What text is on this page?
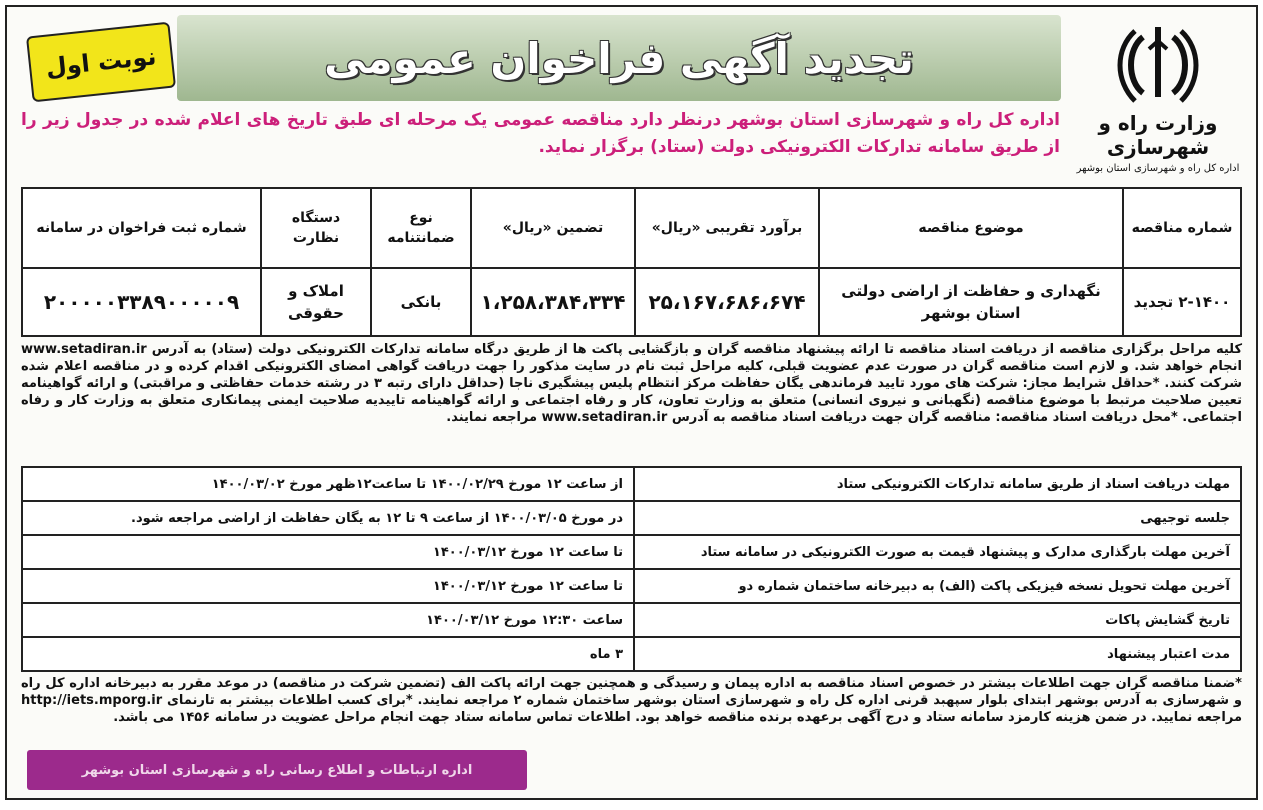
وزارت راه و شهرسازی
اداره کل راه و شهرسازی استان بوشهر
تجدید آگهی فراخوان عمومی
نوبت اول
اداره کل راه و شهرسازی استان بوشهر درنظر دارد مناقصه عمومی یک مرحله ای طبق تاریخ های اعلام شده در جدول زیر را از طریق سامانه تدارکات الکترونیکی دولت (ستاد) برگزار نماید.
شماره مناقصه	موضوع مناقصه	برآورد تقریبی «ریال»	تضمین «ریال»	نوع ضمانتنامه	دستگاه نظارت	شماره ثبت فراخوان در سامانه
۲-۱۴۰۰ تجدید	نگهداری و حفاظت از اراضی دولتی استان بوشهر	۲۵،۱۶۷،۶۸۶،۶۷۴	۱،۲۵۸،۳۸۴،۳۳۴	بانکی	املاک و حقوقی	۲۰۰۰۰۰۳۳۸۹۰۰۰۰۰۹
کلیه مراحل برگزاری مناقصه از دریافت اسناد مناقصه تا ارائه پیشنهاد مناقصه گران و بازگشایی پاکت ها از طریق درگاه سامانه تدارکات الکترونیکی دولت (ستاد) به آدرس www.setadiran.ir انجام خواهد شد. و لازم است مناقصه گران در صورت عدم عضویت قبلی، کلیه مراحل ثبت نام در سایت مذکور را جهت دریافت گواهی امضای الکترونیکی اقدام کرده و در مناقصه اعلام شده شرکت کنند. *حداقل شرایط مجاز: شرکت های مورد تایید فرماندهی یگان حفاظت مرکز انتظام پلیس پیشگیری ناجا (حداقل دارای رتبه ۳ در رشته خدمات حفاظتی و مراقبتی) و ارائه گواهینامه تعیین صلاحیت مرتبط با موضوع مناقصه (نگهبانی و نیروی انسانی) متعلق به وزارت تعاون، کار و رفاه اجتماعی و ارائه گواهینامه تاییدیه صلاحیت ایمنی پیمانکاری متعلق به وزارت کار و رفاه اجتماعی. *محل دریافت اسناد مناقصه: مناقصه گران جهت دریافت اسناد مناقصه به آدرس www.setadiran.ir مراجعه نمایند.
مهلت دریافت اسناد از طریق سامانه تدارکات الکترونیکی ستاد	از ساعت ۱۲ مورخ ۱۴۰۰/۰۲/۲۹ تا ساعت۱۲ظهر مورخ ۱۴۰۰/۰۳/۰۲
جلسه توجیهی	در مورخ ۱۴۰۰/۰۳/۰۵ از ساعت ۹ تا ۱۲ به یگان حفاظت از اراضی مراجعه شود.
آخرین مهلت بارگذاری مدارک و پیشنهاد قیمت به صورت الکترونیکی در سامانه ستاد	تا ساعت ۱۲ مورخ ۱۴۰۰/۰۳/۱۲
آخرین مهلت تحویل نسخه فیزیکی پاکت (الف) به دبیرخانه ساختمان شماره دو	تا ساعت ۱۲ مورخ ۱۴۰۰/۰۳/۱۲
تاریخ گشایش پاکات	ساعت ۱۲:۳۰ مورخ ۱۴۰۰/۰۳/۱۲
مدت اعتبار پیشنهاد	۳ ماه
*ضمنا مناقصه گران جهت اطلاعات بیشتر در خصوص اسناد مناقصه به اداره پیمان و رسیدگی و همچنین جهت ارائه پاکت الف (تضمین شرکت در مناقصه) در موعد مقرر به دبیرخانه اداره کل راه و شهرسازی به آدرس بوشهر ابتدای بلوار سپهبد قرنی اداره کل راه و شهرسازی استان بوشهر ساختمان شماره ۲ مراجعه نمایند. *برای کسب اطلاعات بیشتر به تارنمای http://iets.mporg.ir مراجعه نمایید. در ضمن هزینه کارمزد سامانه ستاد و درج آگهی برعهده برنده مناقصه خواهد بود. اطلاعات تماس سامانه ستاد جهت انجام مراحل عضویت در سامانه ۱۴۵۶ می باشد.
اداره ارتباطات و اطلاع رسانی راه و شهرسازی استان بوشهر
